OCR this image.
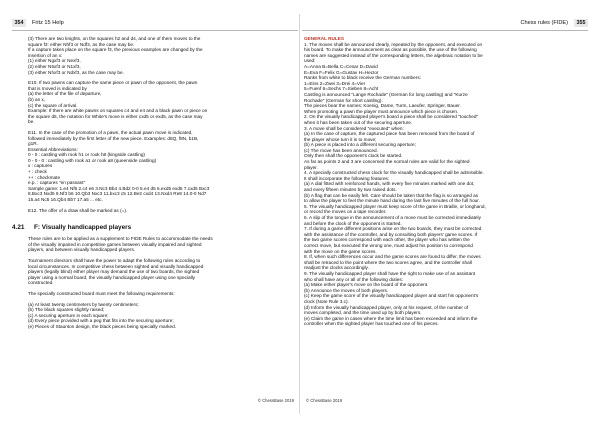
354	Fritz 15 Help
(3) There are two knights, on the squares h2 and d4, and one of them moves to the
square f3: either Nhf3 or Ndf3, as the case may be.
If a capture takes place on the square f3, the previous examples are changed by the
insertion of an x:
(1) either Ngxf3 or Nexf3,
(2) either N5xf3 or N1xf3,
(3) either Nhxf3 or Ndxf3, as the case may be.
E10. If two pawns can capture the same piece or pawn of the opponent, the pawn
that is moved is indicated by
(a) the letter of the file of departure,
(b) an x,
(c) the square of arrival.
Example: If there are white pawns on squares c4 and e4 and a black pawn or piece on
the square d5, the notation for White's move is either cxd5 or exd5, as the case may
be.
E11. In the case of the promotion of a pawn, the actual pawn move is indicated,
followed immediately by the first letter of the new piece. Examples: d8Q, f8N, b1B,
g1R.
Essential Abbreviations:
0 - 0 : castling with rook h1 or rook h8 (kingside castling)
0 - 0 - 0 : castling with rook a1 or rook a8 (queenside castling)
x : captures
+ : check
++ : checkmate
e.p. : captures "en passant"
Sample game: 1.e4 Nf6 2.c4 e6 3.Nc3 Bb4 4.Bd2 0-0 5.e4 d5 6.exd5 exd5 7.cxd5 Bxc3
8.Bxc3 Nxd5 9.Nf3 b6 10.Qb3 Nxc3 11.bxc3 c5 12.Be2 cxd4 13.Nxd4 Re8 14.0-0 Nd7
15.a4 Nc5 16.Qb4 Bb7 17.a5 ... etc.
E12. The offer of a draw shall be marked as (=).
4.21 F: Visually handicapped players
These rules are to be applied as a supplement to FIDE Rules to accommodate the needs
of the visually impaired in competitive games between visually impaired and sighted
players, and between visually handicapped players.
Tournament directors shall have the power to adapt the following rules according to
local circumstances. In competitive chess between sighted and visually handicapped
players (legally blind) either player may demand the use of two boards, the sighted
player using a normal board, the visually handicapped player using one specially
constructed.
The specially constructed board must meet the following requirements:
(a) At least twenty centimeters by twenty centimeters;
(b) The black squares slightly raised;
(c) A securing aperture in each square;
(d) Every piece provided with a peg that fits into the securing aperture;
(e) Pieces of Staunton design, the black pieces being specially marked.
© ChessBase 2019
Chess rules (FIDE)	355
GENERAL RULES
1. The moves shall be announced clearly, repeated by the opponent, and executed on
his board. To make the announcement as clear as possible, the use of the following
names are suggested instead of the corresponding letters, the algebraic notation to be
used:
A=Anna B=Bella C=Cesar D=David
E=Eva F=Felix G=Gustav H=Hector
Ranks from white to black receive the German numbers:
1=Eins 2=Zwei 3=Drei 4=Vier
5=Fuenf 6=Sechs 7=Sieben 8=Acht
Castling is announced "Lange Rochade" (German for long castling) and "Kurze
Rochade" (German for short castling).
The pieces bear the names: Koenig, Dame, Turm, Laeufer, Springer, Bauer.
When promoting a pawn the player must announce which piece is chosen.
2. On the visually handicapped player's board a piece shall be considered "touched"
when it has been taken out of the securing aperture.
3. A move shall be considered "executed" when:
(a) In the case of capture, the captured piece has been removed from the board of
the player whose turn it is to move;
(b) A piece is placed into a different securing aperture;
(c) The move has been announced.
Only then shall the opponent's clock be started.
As far as points 2 and 3 are concerned the normal rules are valid for the sighted
player.
4. A specially constructed chess clock for the visually handicapped shall be admissible.
It shall incorporate the following features:
(a) A dial fitted with reinforced hands, with every five minutes marked with one dot,
and every fifteen minutes by two raised dots.
(b) A flag that can be easily felt. Care should be taken that the flag is so arranged as
to allow the player to feel the minute hand during the last five minutes of the full hour.
5. The visually handicapped player must keep score of the game in Braille, or longhand,
or record the moves on a tape recorder.
6. A slip of the tongue in the announcement of a move must be corrected immediately
and before the clock of the opponent is started.
7. If during a game different positions arise on the two boards, they must be corrected
with the assistance of the controller, and by consulting both players' game scores. If
the two game scores correspond with each other, the player who has written the
correct move, but executed the wrong one, must adjust his position to correspond
with the move on the game scores.
8. If, when such differences occur and the game scores are found to differ, the moves
shall be retraced to the point where the two scores agree, and the controller shall
readjust the clocks accordingly.
9. The visually handicapped player shall have the right to make use of an assistant
who shall have any or all of the following duties:
(a) Make either player's move on the board of the opponent.
(b) Announce the moves of both players.
(c) Keep the game score of the visually handicapped player and start his opponent's
clock (Note Rule 3.c).
(d) Inform the visually handicapped player, only at his request, of the number of
moves completed, and the time used up by both players.
(e) Claim the game in cases where the time limit has been exceeded and inform the
controller when the sighted player has touched one of his pieces.
© ChessBase 2019
